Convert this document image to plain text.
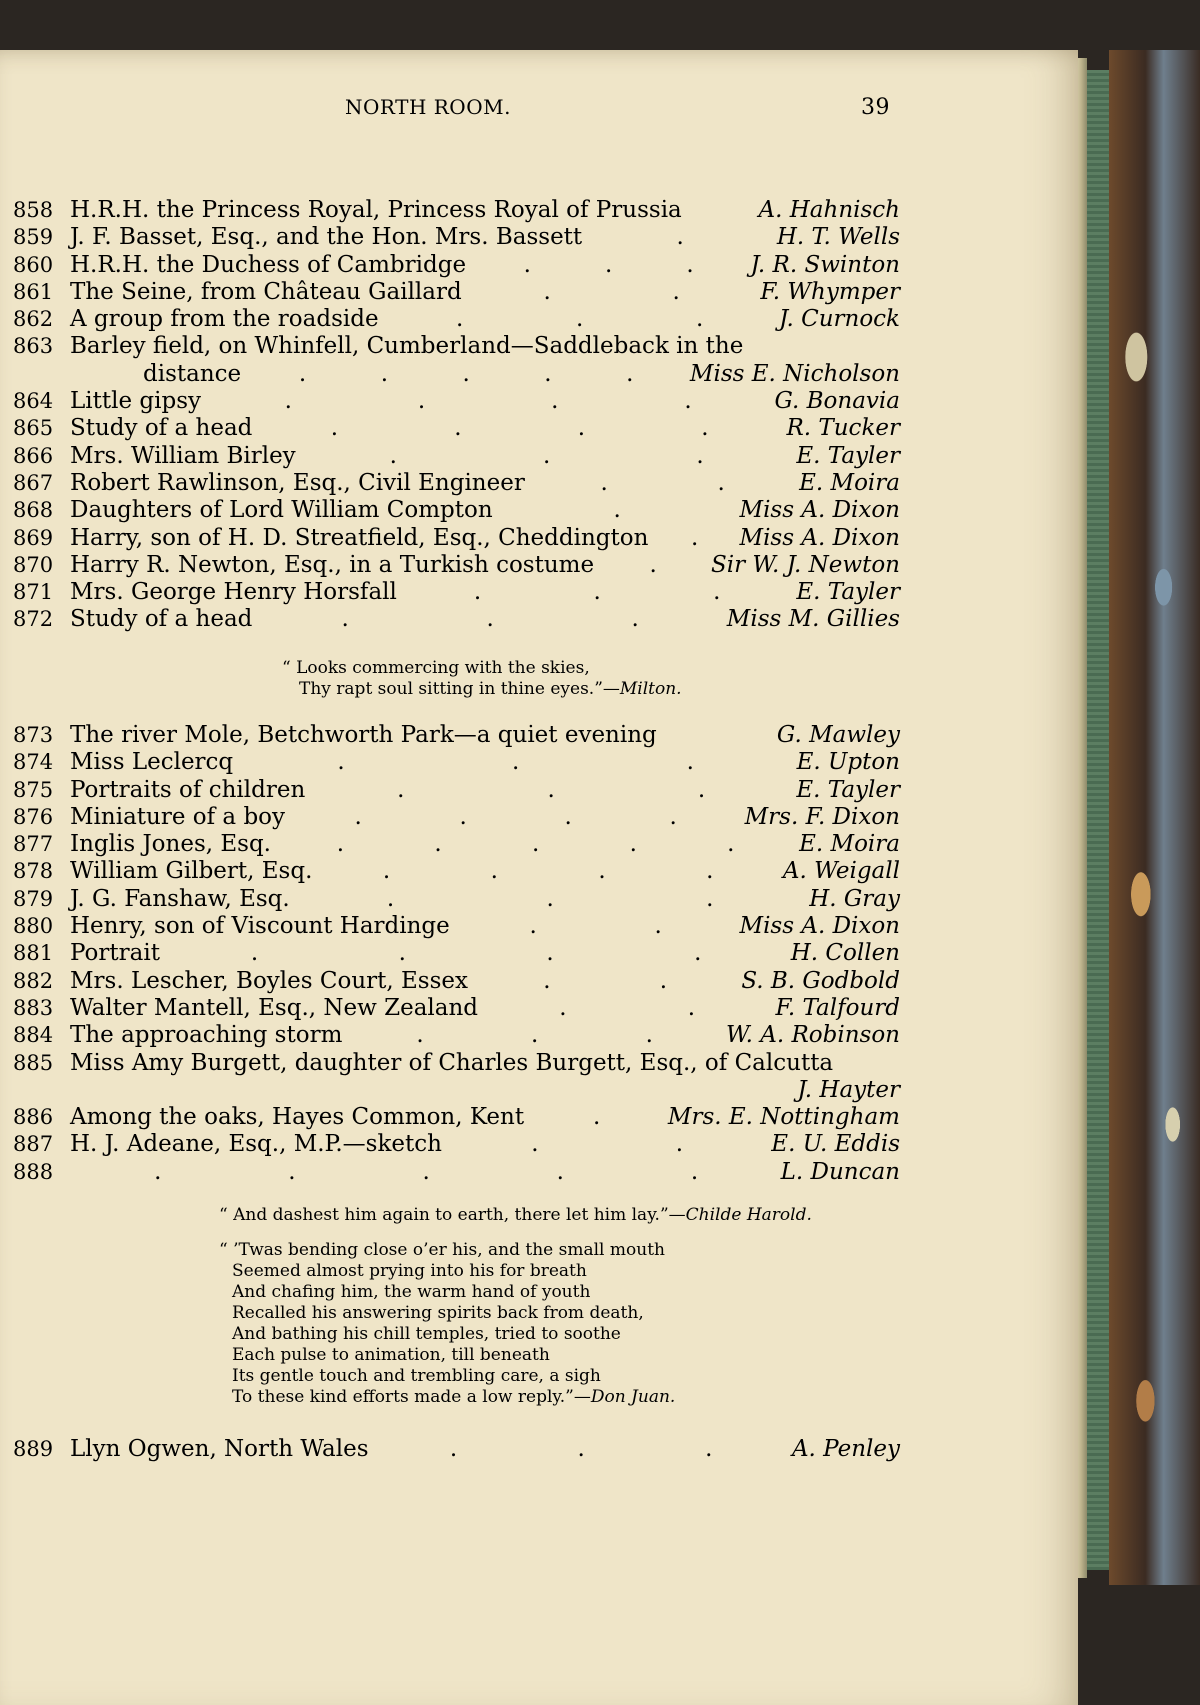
NORTH ROOM.	39
858 H.R.H. the Princess Royal, Princess Royal of Prussia	A. Hahnisch
859 J. F. Basset, Esq., and the Hon. Mrs. Bassett	.	H. T. Wells
860 H.R.H. the Duchess of Cambridge	.	.	. J. R. Swinton
861 The Seine, from Château Gaillard	.	.	F. Whymper
862 A group from the roadside	.	.	.	J. Curnock
863 Barley field, on Whinfell, Cumberland—Saddleback in the
distance	.	.	.	.	. Miss E. Nicholson
864 Little gipsy	.	.	.	.	G. Bonavia
865 Study of a head	.	.	.	.	R. Tucker
866 Mrs. William Birley	.	.	.	E. Tayler
867 Robert Rawlinson, Esq., Civil Engineer	.	.	E. Moira
868 Daughters of Lord William Compton	.	Miss A. Dixon
869 Harry, son of H. D. Streatfield, Esq., Cheddington . Miss A. Dixon
870 Harry R. Newton, Esq., in a Turkish costume . Sir W. J. Newton
871 Mrs. George Henry Horsfall	.	.	.	E. Tayler
872 Study of a head	.	.	.	Miss M. Gillies
“ Looks commercing with the skies,
Thy rapt soul sitting in thine eyes.”—Milton.
873 The river Mole, Betchworth Park—a quiet evening	G. Mawley
874 Miss Leclercq	.	.	.	E. Upton
875 Portraits of children	.	.	.	E. Tayler
876 Miniature of a boy	.	.	.	.	Mrs. F. Dixon
877 Inglis Jones, Esq.	.	.	.	.	.	E. Moira
878 William Gilbert, Esq.	.	.	.	.	A. Weigall
879 J. G. Fanshaw, Esq.	.	.	.	H. Gray
880 Henry, son of Viscount Hardinge	.	.	Miss A. Dixon
881 Portrait	.	.	.	.	H. Collen
882 Mrs. Lescher, Boyles Court, Essex	.	.	S. B. Godbold
883 Walter Mantell, Esq., New Zealand	.	.	F. Talfourd
884 The approaching storm	.	.	.	W. A. Robinson
885 Miss Amy Burgett, daughter of Charles Burgett, Esq., of Calcutta
J. Hayter
886 Among the oaks, Hayes Common, Kent	.	Mrs. E. Nottingham
887 H. J. Adeane, Esq., M.P.—sketch	.	.	E. U. Eddis
888	.	.	.	.	.	L. Duncan
“ And dashest him again to earth, there let him lay.”—Childe Harold.
“ ’Twas bending close o’er his, and the small mouth
Seemed almost prying into his for breath
And chafing him, the warm hand of youth
Recalled his answering spirits back from death,
And bathing his chill temples, tried to soothe
Each pulse to animation, till beneath
Its gentle touch and trembling care, a sigh
To these kind efforts made a low reply.”—Don Juan.
889 Llyn Ogwen, North Wales	.	.	.	A. Penley
